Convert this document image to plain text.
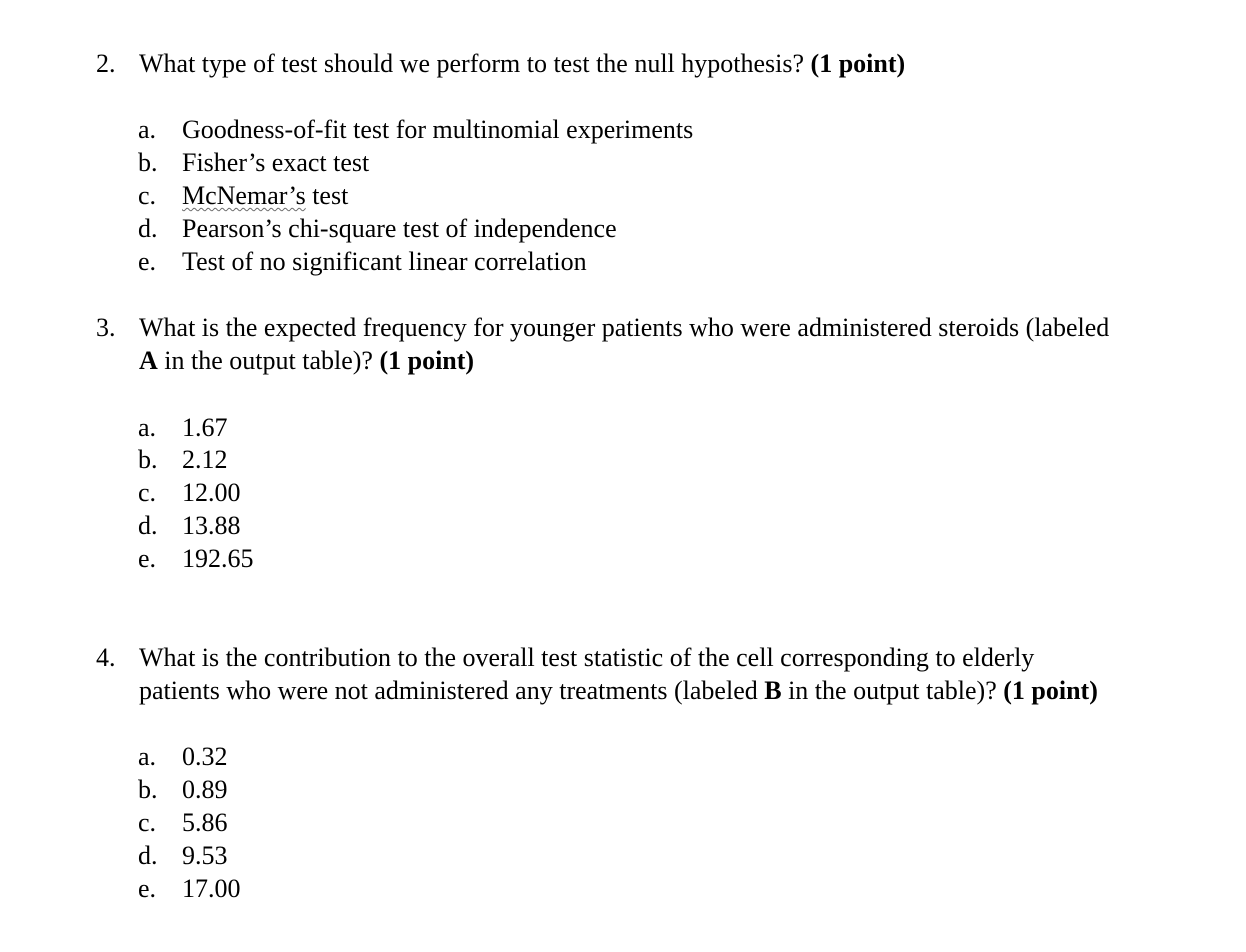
2. What type of test should we perform to test the null hypothesis? (1 point)
a. Goodness-of-fit test for multinomial experiments
b. Fisher’s exact test
c. McNemar’s test
d. Pearson’s chi-square test of independence
e. Test of no significant linear correlation
3. What is the expected frequency for younger patients who were administered steroids (labeled
A in the output table)? (1 point)
a. 1.67
b. 2.12
c. 12.00
d. 13.88
e. 192.65
4. What is the contribution to the overall test statistic of the cell corresponding to elderly
patients who were not administered any treatments (labeled B in the output table)? (1 point)
a. 0.32
b. 0.89
c. 5.86
d. 9.53
e. 17.00
